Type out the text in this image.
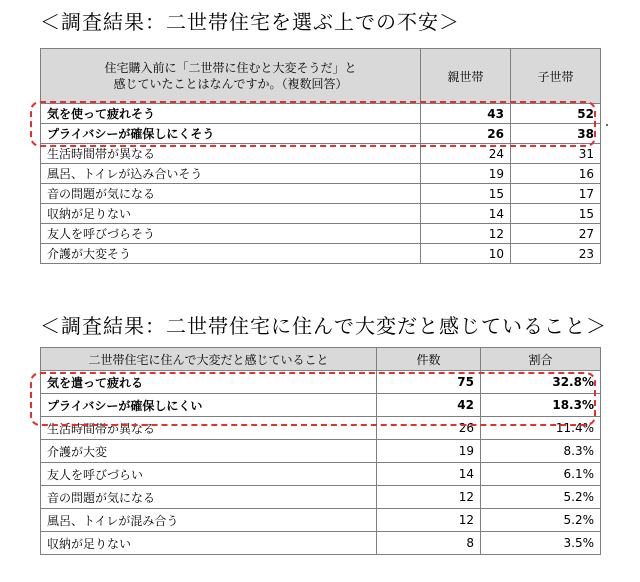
＜調査結果：二世帯住宅を選ぶ上での不安＞
住宅購入前に「二世帯に住むと大変そうだ」と
感じていたことはなんですか。（複数回答）	親世帯	子世帯
気を使って疲れそう	43	52
プライバシーが確保しにくそう	26	38
生活時間帯が異なる	24	31
風呂、トイレが込み合いそう	19	16
音の問題が気になる	15	17
収納が足りない	14	15
友人を呼びづらそう	12	27
介護が大変そう	10	23
＜調査結果：二世帯住宅に住んで大変だと感じていること＞
二世帯住宅に住んで大変だと感じていること	件数	割合
気を遣って疲れる	75	32.8%
プライバシーが確保しにくい	42	18.3%
生活時間帯が異なる	26	11.4%
介護が大変	19	8.3%
友人を呼びづらい	14	6.1%
音の問題が気になる	12	5.2%
風呂、トイレが混み合う	12	5.2%
収納が足りない	8	3.5%
